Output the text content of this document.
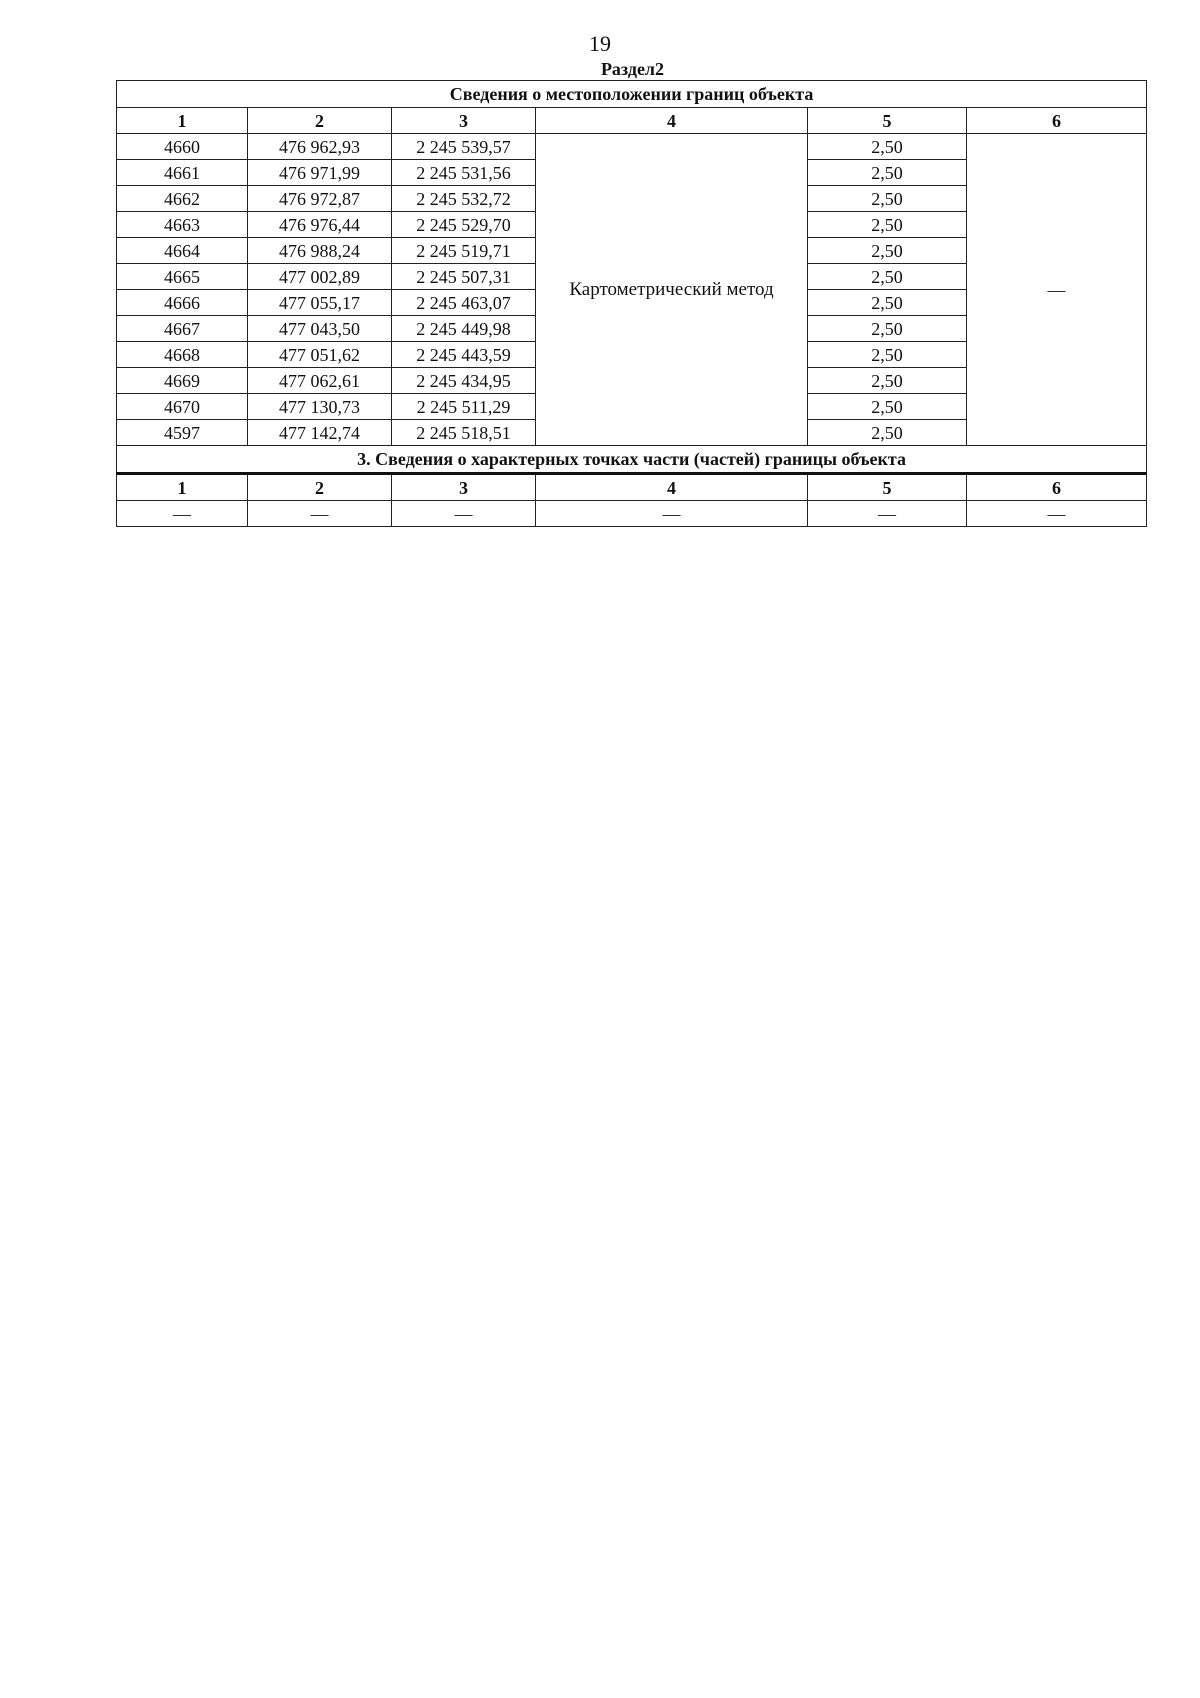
19
Раздел2
Сведения о местоположении границ объекта					
1	2	3	4	5	6
4660	476 962,93	2 245 539,57	Картометрический метод	2,50	—
4661	476 971,99	2 245 531,56		2,50	
4662	476 972,87	2 245 532,72		2,50	
4663	476 976,44	2 245 529,70		2,50	
4664	476 988,24	2 245 519,71		2,50	
4665	477 002,89	2 245 507,31		2,50	
4666	477 055,17	2 245 463,07		2,50	
4667	477 043,50	2 245 449,98		2,50	
4668	477 051,62	2 245 443,59		2,50	
4669	477 062,61	2 245 434,95		2,50	
4670	477 130,73	2 245 511,29		2,50	
4597	477 142,74	2 245 518,51		2,50	
3. Сведения о характерных точках части (частей) границы объекта					
1	2	3	4	5	6
—	—	—	—	—	—
